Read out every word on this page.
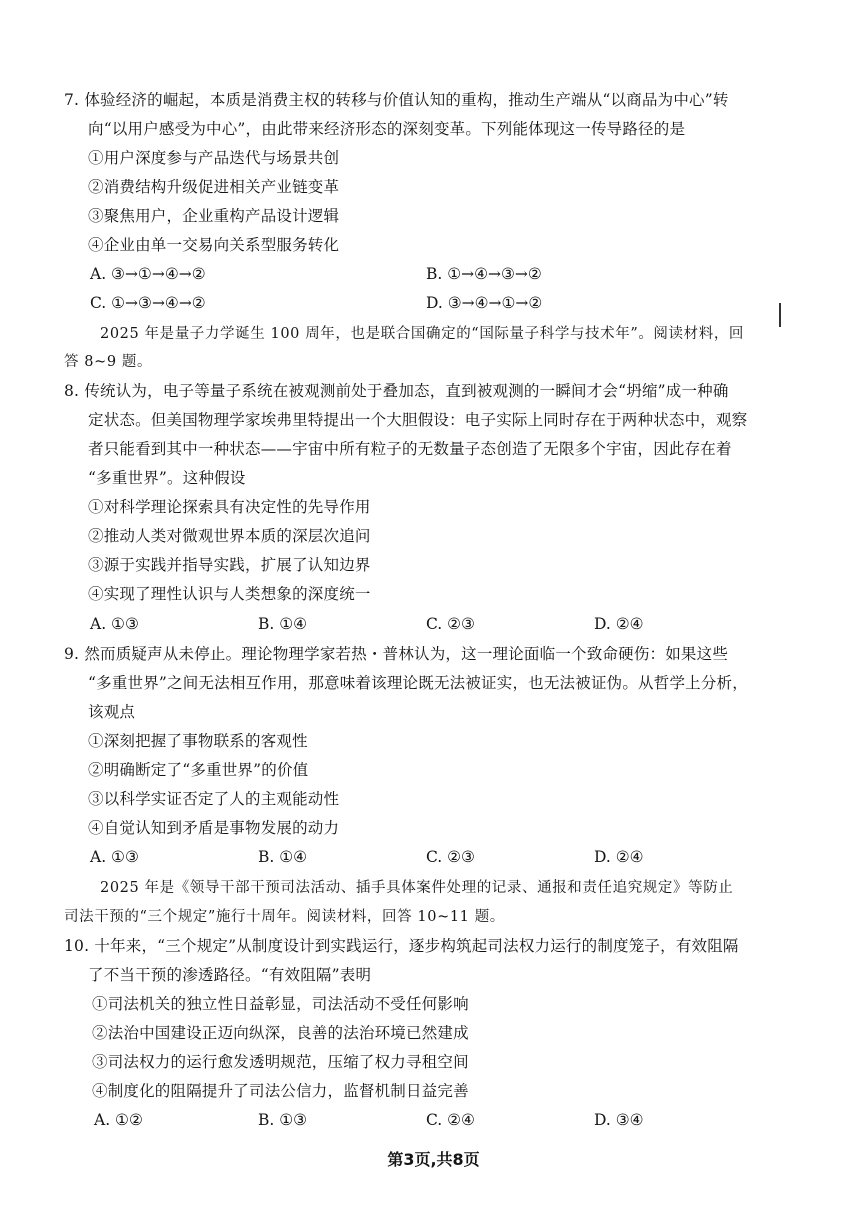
7. 体验经济的崛起，本质是消费主权的转移与价值认知的重构，推动生产端从“以商品为中心”转
向“以用户感受为中心”，由此带来经济形态的深刻变革。下列能体现这一传导路径的是
①用户深度参与产品迭代与场景共创
②消费结构升级促进相关产业链变革
③聚焦用户，企业重构产品设计逻辑
④企业由单一交易向关系型服务转化
A. ③→①→④→②	B. ①→④→③→②
C. ①→③→④→②	D. ③→④→①→②
2025 年是量子力学诞生 100 周年，也是联合国确定的“国际量子科学与技术年”。阅读材料，回
答 8~9 题。
8. 传统认为，电子等量子系统在被观测前处于叠加态，直到被观测的一瞬间才会“坍缩”成一种确
定状态。但美国物理学家埃弗里特提出一个大胆假设：电子实际上同时存在于两种状态中，观察
者只能看到其中一种状态——宇宙中所有粒子的无数量子态创造了无限多个宇宙，因此存在着
“多重世界”。这种假设
①对科学理论探索具有决定性的先导作用
②推动人类对微观世界本质的深层次追问
③源于实践并指导实践，扩展了认知边界
④实现了理性认识与人类想象的深度统一
A. ①③	B. ①④	C. ②③	D. ②④
9. 然而质疑声从未停止。理论物理学家若热・普林认为，这一理论面临一个致命硬伤：如果这些
“多重世界”之间无法相互作用，那意味着该理论既无法被证实，也无法被证伪。从哲学上分析，
该观点
①深刻把握了事物联系的客观性
②明确断定了“多重世界”的价值
③以科学实证否定了人的主观能动性
④自觉认知到矛盾是事物发展的动力
A. ①③	B. ①④	C. ②③	D. ②④
2025 年是《领导干部干预司法活动、插手具体案件处理的记录、通报和责任追究规定》等防止
司法干预的“三个规定”施行十周年。阅读材料，回答 10~11 题。
10. 十年来，“三个规定”从制度设计到实践运行，逐步构筑起司法权力运行的制度笼子，有效阻隔
了不当干预的渗透路径。“有效阻隔”表明
①司法机关的独立性日益彰显，司法活动不受任何影响
②法治中国建设正迈向纵深，良善的法治环境已然建成
③司法权力的运行愈发透明规范，压缩了权力寻租空间
④制度化的阻隔提升了司法公信力，监督机制日益完善
A. ①②	B. ①③	C. ②④	D. ③④
第3页,共8页
